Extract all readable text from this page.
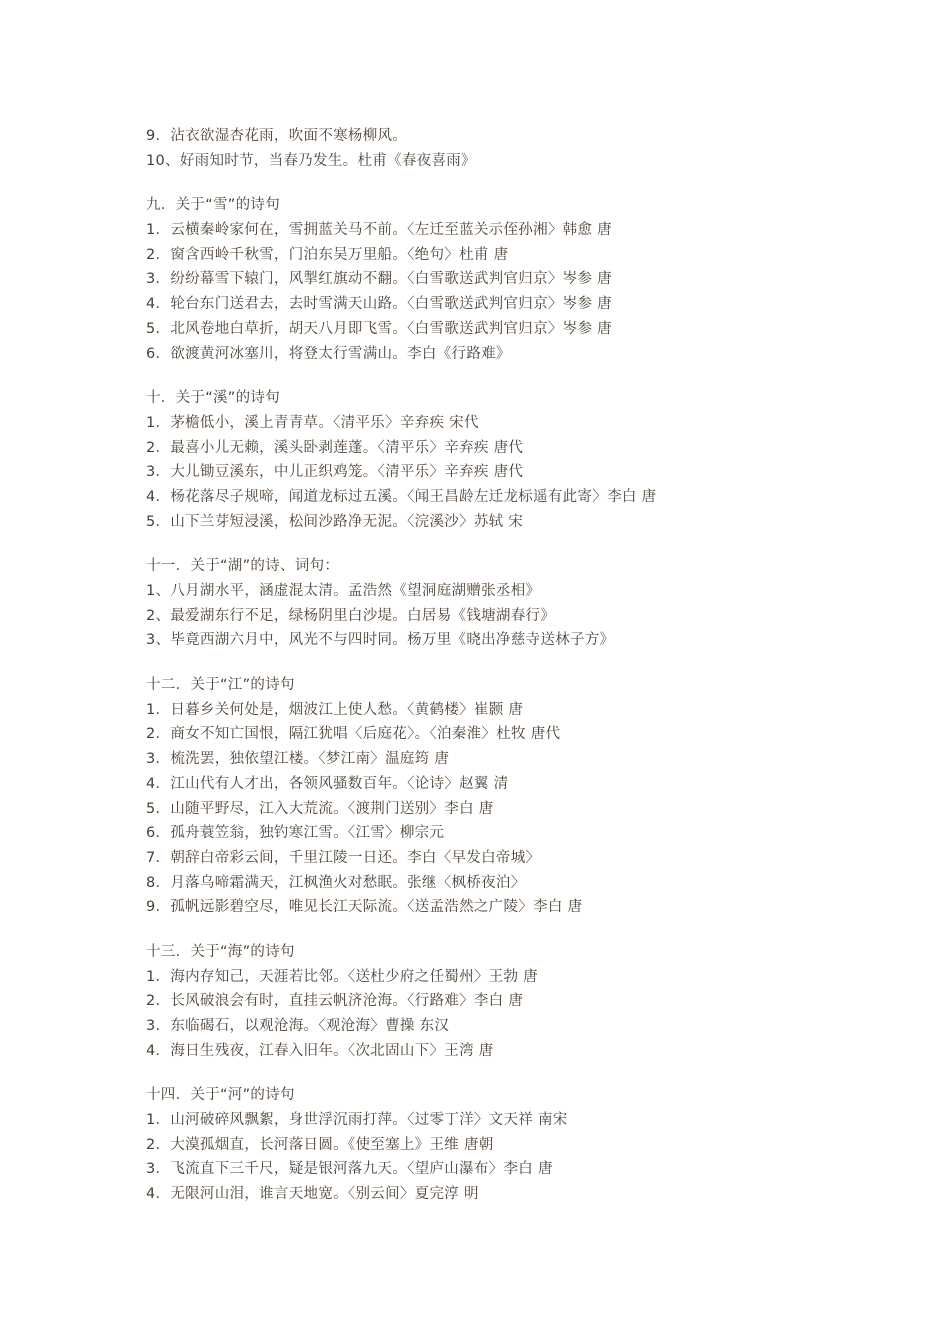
9．沾衣欲湿杏花雨，吹面不寒杨柳风。
10、好雨知时节，当春乃发生。杜甫《春夜喜雨》
九．关于“雪”的诗句
1．云横秦岭家何在，雪拥蓝关马不前。〈左迁至蓝关示侄孙湘〉韩愈 唐
2．窗含西岭千秋雪，门泊东吴万里船。〈绝句〉杜甫 唐
3．纷纷幕雪下辕门，风掣红旗动不翻。〈白雪歌送武判官归京〉岑参 唐
4．轮台东门送君去，去时雪满天山路。〈白雪歌送武判官归京〉岑参 唐
5．北风卷地白草折，胡天八月即飞雪。〈白雪歌送武判官归京〉岑参 唐
6．欲渡黄河冰塞川，将登太行雪满山。李白《行路难》
十．关于“溪”的诗句
1．茅檐低小，溪上青青草。〈清平乐〉辛弃疾 宋代
2．最喜小儿无赖，溪头卧剥莲蓬。〈清平乐〉辛弃疾 唐代
3．大儿锄豆溪东，中儿正织鸡笼。〈清平乐〉辛弃疾 唐代
4．杨花落尽子规啼，闻道龙标过五溪。〈闻王昌龄左迁龙标遥有此寄〉李白 唐
5．山下兰芽短浸溪，松间沙路净无泥。〈浣溪沙〉苏轼 宋
十一．关于“湖”的诗、词句：
1、八月湖水平，涵虚混太清。孟浩然《望洞庭湖赠张丞相》
2、最爱湖东行不足，绿杨阴里白沙堤。白居易《钱塘湖春行》
3、毕竟西湖六月中，风光不与四时同。杨万里《晓出净慈寺送林子方》
十二．关于“江”的诗句
1．日暮乡关何处是，烟波江上使人愁。〈黄鹤楼〉崔颢 唐
2．商女不知亡国恨，隔江犹唱〈后庭花〉。〈泊秦淮〉杜牧 唐代
3．梳洗罢，独依望江楼。〈梦江南〉温庭筠 唐
4．江山代有人才出，各领风骚数百年。〈论诗〉赵翼 清
5．山随平野尽，江入大荒流。〈渡荆门送别〉李白 唐
6．孤舟蓑笠翁，独钓寒江雪。〈江雪〉柳宗元
7．朝辞白帝彩云间，千里江陵一日还。李白〈早发白帝城〉
8．月落乌啼霜满天，江枫渔火对愁眠。张继〈枫桥夜泊〉
9．孤帆远影碧空尽，唯见长江天际流。〈送孟浩然之广陵〉李白 唐
十三．关于“海”的诗句
1．海内存知己，天涯若比邻。〈送杜少府之任蜀州〉王勃 唐
2．长风破浪会有时，直挂云帆济沧海。〈行路难〉李白 唐
3．东临碣石，以观沧海。〈观沧海〉曹操 东汉
4．海日生残夜，江春入旧年。〈次北固山下〉王湾 唐
十四．关于“河”的诗句
1．山河破碎风飘絮，身世浮沉雨打萍。〈过零丁洋〉文天祥 南宋
2．大漠孤烟直，长河落日圆。《使至塞上》王维 唐朝
3．飞流直下三千尺，疑是银河落九天。〈望庐山瀑布〉李白 唐
4．无限河山泪，谁言天地宽。〈别云间〉夏完淳 明
